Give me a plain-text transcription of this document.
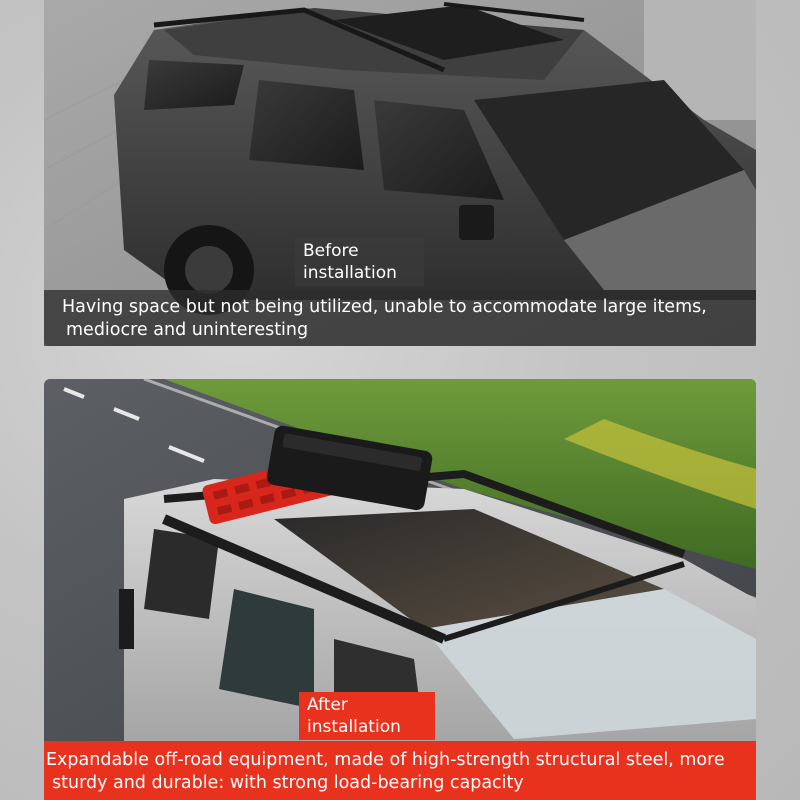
Before
installation
Having space but not being utilized, unable to accommodate large items,
mediocre and uninteresting
After
installation
Expandable off-road equipment, made of high-strength structural steel, more
sturdy and durable: with strong load-bearing capacity
